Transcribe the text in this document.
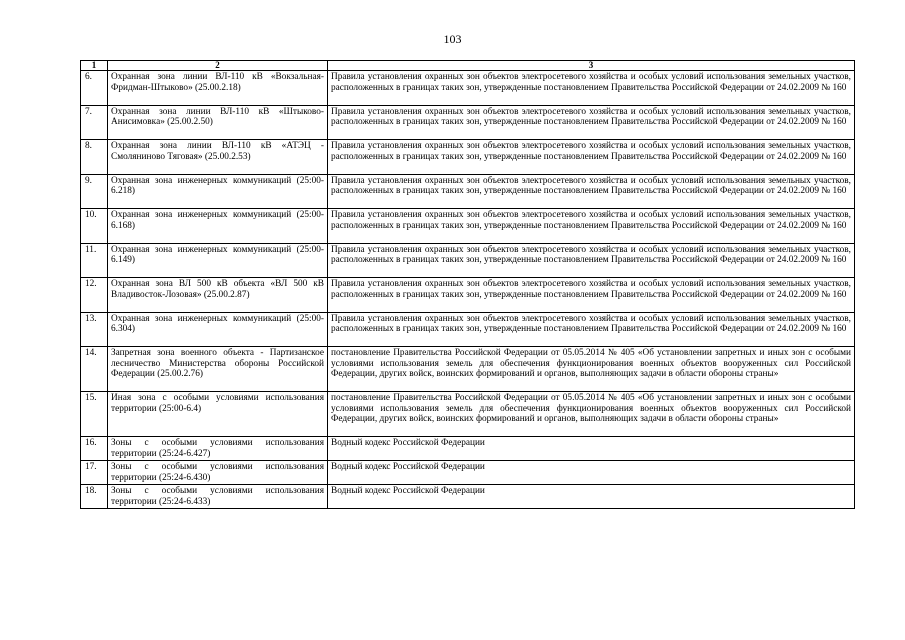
103
1	2	3
6.	Охранная зона линии ВЛ-110 кВ «Вокзальная-Фридман-Штыково» (25.00.2.18)	Правила установления охранных зон объектов электросетевого хозяйства и особых условий использования земельных участков, расположенных в границах таких зон, утвержденные постановлением Правительства Российской Федерации от 24.02.2009 № 160
7.	Охранная зона линии ВЛ-110 кВ «Штыково-Анисимовка» (25.00.2.50)	Правила установления охранных зон объектов электросетевого хозяйства и особых условий использования земельных участков, расположенных в границах таких зон, утвержденные постановлением Правительства Российской Федерации от 24.02.2009 № 160
8.	Охранная зона линии ВЛ-110 кВ «АТЭЦ - Смоляниново Тяговая» (25.00.2.53)	Правила установления охранных зон объектов электросетевого хозяйства и особых условий использования земельных участков, расположенных в границах таких зон, утвержденные постановлением Правительства Российской Федерации от 24.02.2009 № 160
9.	Охранная зона инженерных коммуникаций (25:00-6.218)	Правила установления охранных зон объектов электросетевого хозяйства и особых условий использования земельных участков, расположенных в границах таких зон, утвержденные постановлением Правительства Российской Федерации от 24.02.2009 № 160
10.	Охранная зона инженерных коммуникаций (25:00-6.168)	Правила установления охранных зон объектов электросетевого хозяйства и особых условий использования земельных участков, расположенных в границах таких зон, утвержденные постановлением Правительства Российской Федерации от 24.02.2009 № 160
11.	Охранная зона инженерных коммуникаций (25:00-6.149)	Правила установления охранных зон объектов электросетевого хозяйства и особых условий использования земельных участков, расположенных в границах таких зон, утвержденные постановлением Правительства Российской Федерации от 24.02.2009 № 160
12.	Охранная зона ВЛ 500 кВ объекта «ВЛ 500 кВ Владивосток-Лозовая» (25.00.2.87)	Правила установления охранных зон объектов электросетевого хозяйства и особых условий использования земельных участков, расположенных в границах таких зон, утвержденные постановлением Правительства Российской Федерации от 24.02.2009 № 160
13.	Охранная зона инженерных коммуникаций (25:00-6.304)	Правила установления охранных зон объектов электросетевого хозяйства и особых условий использования земельных участков, расположенных в границах таких зон, утвержденные постановлением Правительства Российской Федерации от 24.02.2009 № 160
14.	Запретная зона военного объекта - Партизанское лесничество Министерства обороны Российской Федерации (25.00.2.76)	постановление Правительства Российской Федерации от 05.05.2014 № 405 «Об установлении запретных и иных зон с особыми условиями использования земель для обеспечения функционирования военных объектов вооруженных сил Российской Федерации, других войск, воинских формирований и органов, выполняющих задачи в области обороны страны»
15.	Иная зона с особыми условиями использования территории (25:00-6.4)	постановление Правительства Российской Федерации от 05.05.2014 № 405 «Об установлении запретных и иных зон с особыми условиями использования земель для обеспечения функционирования военных объектов вооруженных сил Российской Федерации, других войск, воинских формирований и органов, выполняющих задачи в области обороны страны»
16.	Зоны с особыми условиями использования территории (25:24-6.427)	Водный кодекс Российской Федерации
17.	Зоны с особыми условиями использования территории (25:24-6.430)	Водный кодекс Российской Федерации
18.	Зоны с особыми условиями использования территории (25:24-6.433)	Водный кодекс Российской Федерации
